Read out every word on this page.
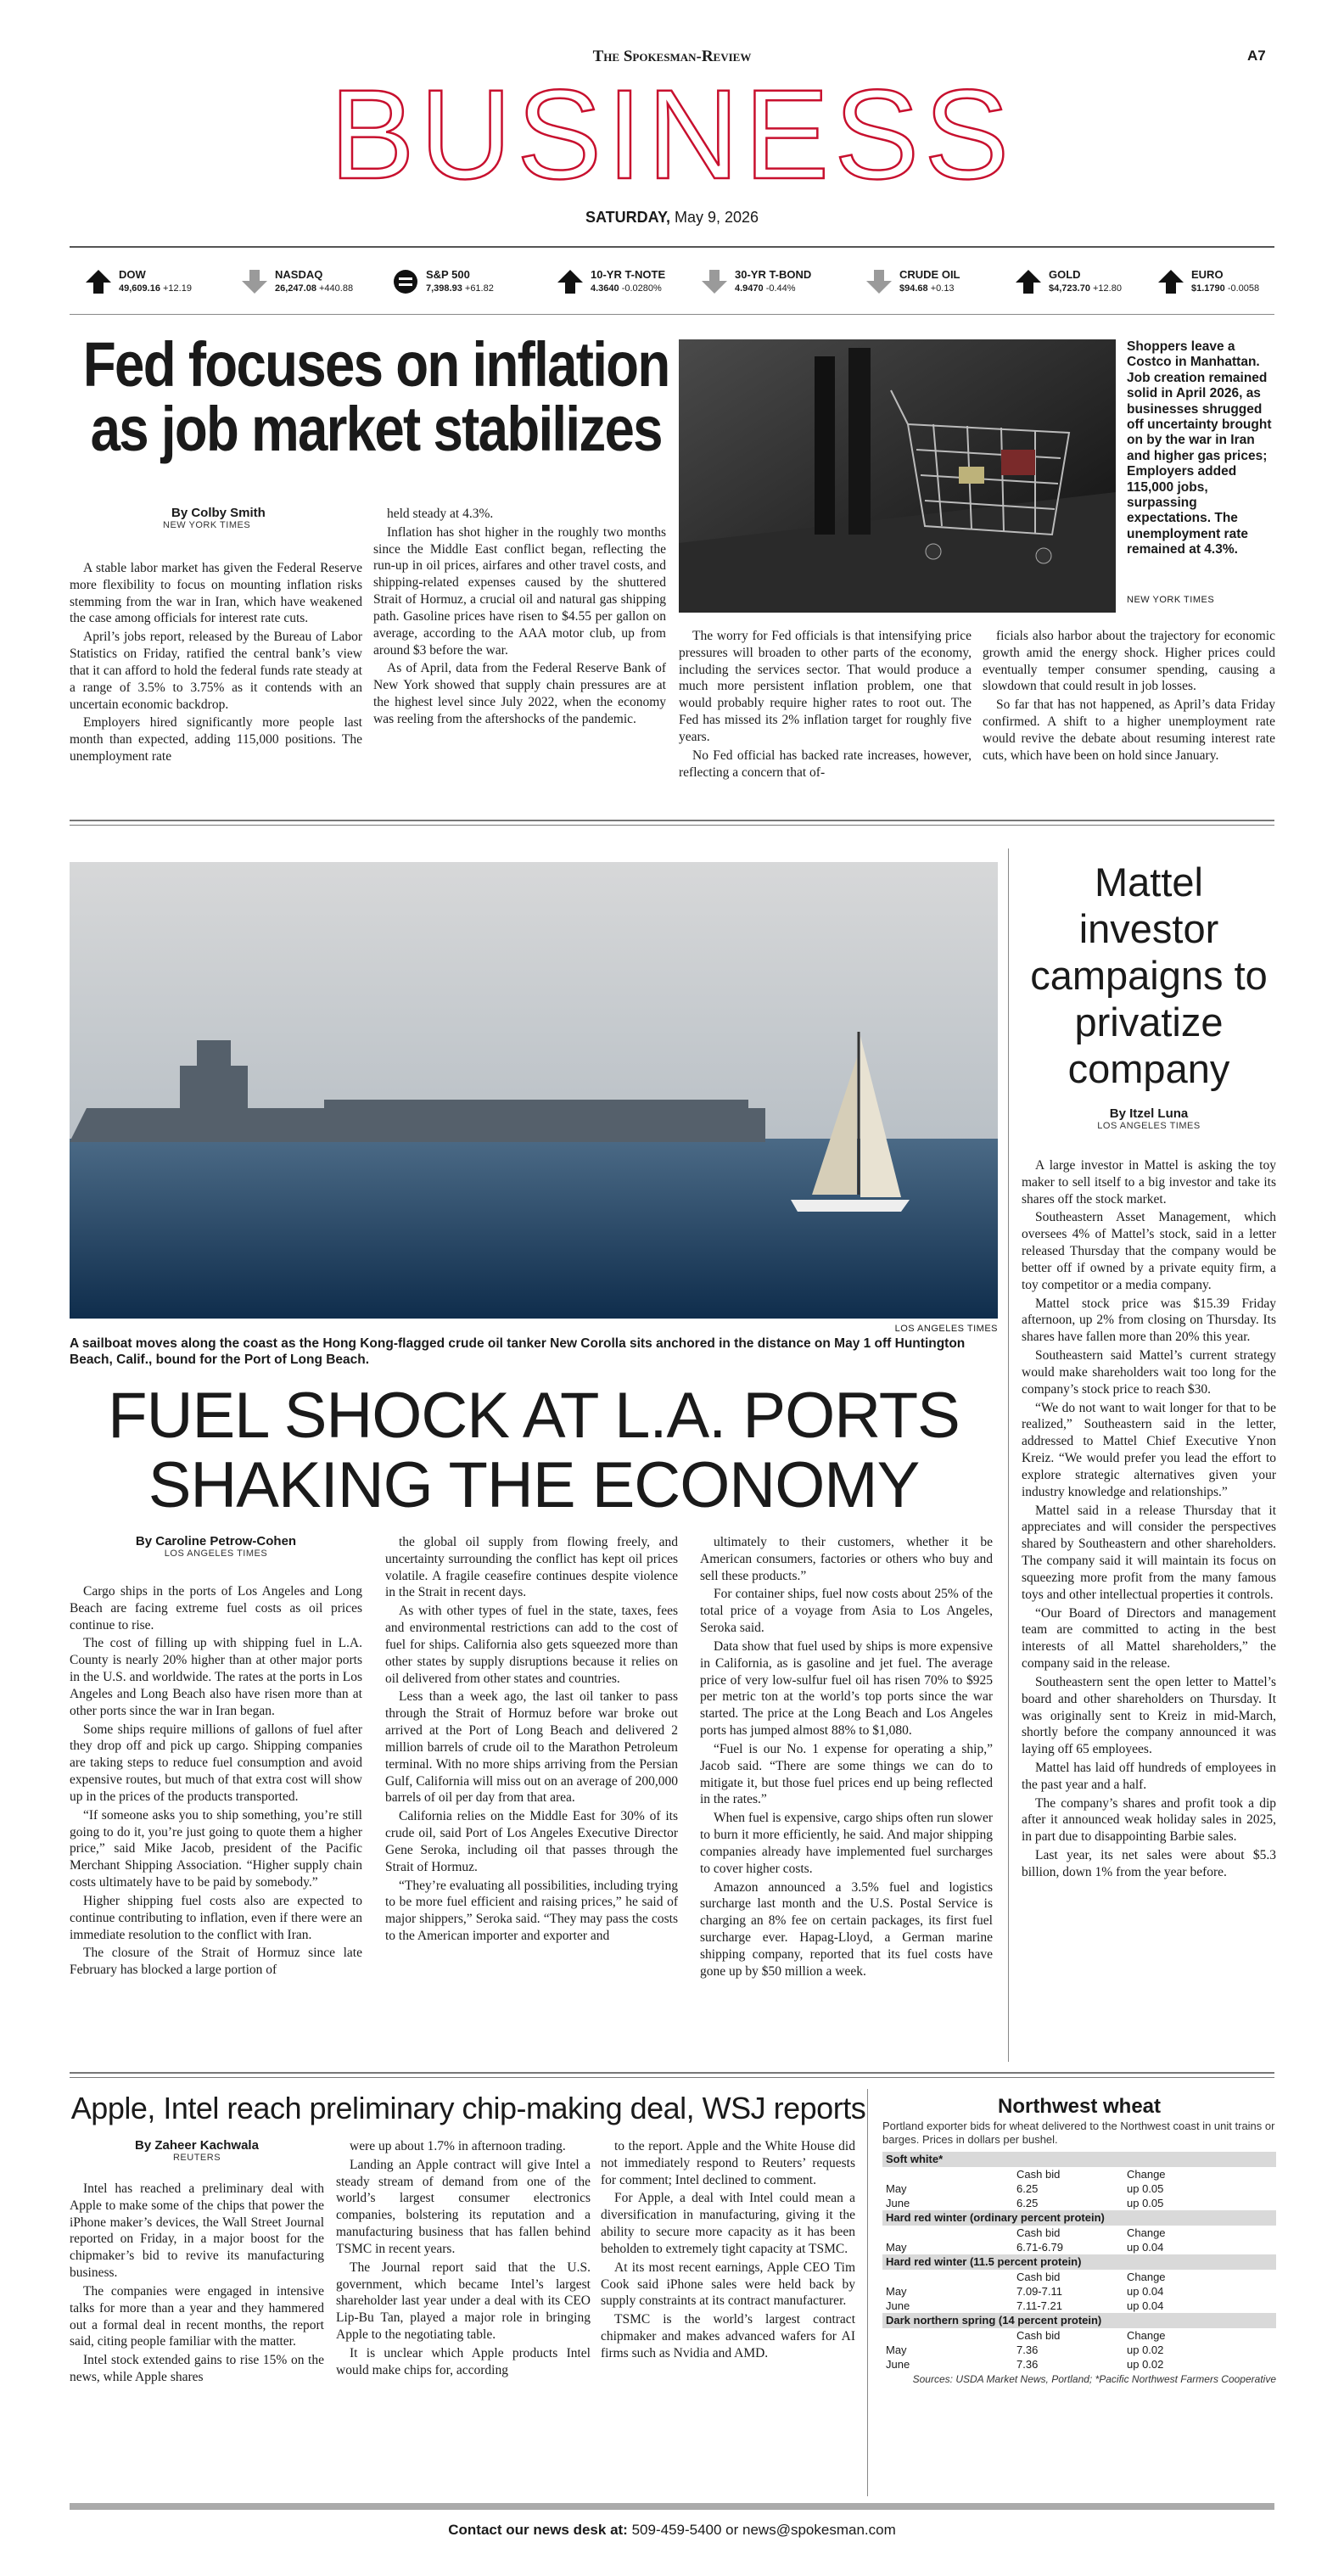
The Spokesman-Review	A7
BUSINESS
SATURDAY, May 9, 2026
DOW
49,609.16 +12.19
NASDAQ
26,247.08 +440.88
S&P 500
7,398.93 +61.82
10-YR T-NOTE
4.3640 -0.0280%
30-YR T-BOND
4.9470 -0.44%
CRUDE OIL
$94.68 +0.13
GOLD
$4,723.70 +12.80
EURO
$1.1790 -0.0058
Fed focuses on inflation as job market stabilizes
By Colby Smith
NEW YORK TIMES

A stable labor market has given the Federal Reserve more flexibility to focus on mounting inflation risks stemming from the war in Iran, which have weakened the case among officials for interest rate cuts.

April’s jobs report, released by the Bureau of Labor Statistics on Friday, ratified the central bank’s view that it can afford to hold the federal funds rate steady at a range of 3.5% to 3.75% as it contends with an uncertain economic backdrop.

Employers hired significantly more people last month than expected, adding 115,000 positions. The unemployment rate

held steady at 4.3%.

Inflation has shot higher in the roughly two months since the Middle East conflict began, reflecting the run-up in oil prices, airfares and other travel costs, and shipping-related expenses caused by the shuttered Strait of Hormuz, a crucial oil and natural gas shipping path. Gasoline prices have risen to $4.55 per gallon on average, according to the AAA motor club, up from around $3 before the war.

As of April, data from the Federal Reserve Bank of New York showed that supply chain pressures are at the highest level since July 2022, when the economy was reeling from the aftershocks of the pandemic.

Shoppers leave a Costco in Manhattan. Job creation remained solid in April 2026, as businesses shrugged off uncertainty brought on by the war in Iran and higher gas prices; Employers added 115,000 jobs, surpassing expectations. The unemployment rate remained at 4.3%.
NEW YORK TIMES

The worry for Fed officials is that intensifying price pressures will broaden to other parts of the economy, including the services sector. That would produce a much more persistent inflation problem, one that would probably require higher rates to root out. The Fed has missed its 2% inflation target for roughly five years.

No Fed official has backed rate increases, however, reflecting a concern that of-

ficials also harbor about the trajectory for economic growth amid the energy shock. Higher prices could eventually temper consumer spending, causing a slowdown that could result in job losses.

So far that has not happened, as April’s data Friday confirmed. A shift to a higher unemployment rate would revive the debate about resuming interest rate cuts, which have been on hold since January.

LOS ANGELES TIMES
A sailboat moves along the coast as the Hong Kong-flagged crude oil tanker New Corolla sits anchored in the distance on May 1 off Huntington Beach, Calif., bound for the Port of Long Beach.
FUEL SHOCK AT L.A. PORTS SHAKING THE ECONOMY
By Caroline Petrow-Cohen
LOS ANGELES TIMES

Cargo ships in the ports of Los Angeles and Long Beach are facing extreme fuel costs as oil prices continue to rise.

The cost of filling up with shipping fuel in L.A. County is nearly 20% higher than at other major ports in the U.S. and worldwide. The rates at the ports in Los Angeles and Long Beach also have risen more than at other ports since the war in Iran began.

Some ships require millions of gallons of fuel after they drop off and pick up cargo. Shipping companies are taking steps to reduce fuel consumption and avoid expensive routes, but much of that extra cost will show up in the prices of the products transported.

“If someone asks you to ship something, you’re still going to do it, you’re just going to quote them a higher price,” said Mike Jacob, president of the Pacific Merchant Shipping Association. “Higher supply chain costs ultimately have to be paid by somebody.”

Higher shipping fuel costs also are expected to continue contributing to inflation, even if there were an immediate resolution to the conflict with Iran.

The closure of the Strait of Hormuz since late February has blocked a large portion of

the global oil supply from flowing freely, and uncertainty surrounding the conflict has kept oil prices volatile. A fragile ceasefire continues despite violence in the Strait in recent days.

As with other types of fuel in the state, taxes, fees and environmental restrictions can add to the cost of fuel for ships. California also gets squeezed more than other states by supply disruptions because it relies on oil delivered from other states and countries.

Less than a week ago, the last oil tanker to pass through the Strait of Hormuz before war broke out arrived at the Port of Long Beach and delivered 2 million barrels of crude oil to the Marathon Petroleum terminal. With no more ships arriving from the Persian Gulf, California will miss out on an average of 200,000 barrels of oil per day from that area.

California relies on the Middle East for 30% of its crude oil, said Port of Los Angeles Executive Director Gene Seroka, including oil that passes through the Strait of Hormuz.

“They’re evaluating all possibilities, including trying to be more fuel efficient and raising prices,” he said of major shippers,” Seroka said. “They may pass the costs to the American importer and exporter and

ultimately to their customers, whether it be American consumers, factories or others who buy and sell these products.”

For container ships, fuel now costs about 25% of the total price of a voyage from Asia to Los Angeles, Seroka said.

Data show that fuel used by ships is more expensive in California, as is gasoline and jet fuel. The average price of very low-sulfur fuel oil has risen 70% to $925 per metric ton at the world’s top ports since the war started. The price at the Long Beach and Los Angeles ports has jumped almost 88% to $1,080.

“Fuel is our No. 1 expense for operating a ship,” Jacob said. “There are some things we can do to mitigate it, but those fuel prices end up being reflected in the rates.”

When fuel is expensive, cargo ships often run slower to burn it more efficiently, he said. And major shipping companies already have implemented fuel surcharges to cover higher costs.

Amazon announced a 3.5% fuel and logistics surcharge last month and the U.S. Postal Service is charging an 8% fee on certain packages, its first fuel surcharge ever. Hapag-Lloyd, a German marine shipping company, reported that its fuel costs have gone up by $50 million a week.

Mattel investor campaigns to privatize company
By Itzel Luna
LOS ANGELES TIMES

A large investor in Mattel is asking the toy maker to sell itself to a big investor and take its shares off the stock market.

Southeastern Asset Management, which oversees 4% of Mattel’s stock, said in a letter released Thursday that the company would be better off if owned by a private equity firm, a toy competitor or a media company.

Mattel stock price was $15.39 Friday afternoon, up 2% from closing on Thursday. Its shares have fallen more than 20% this year.

Southeastern said Mattel’s current strategy would make shareholders wait too long for the company’s stock price to reach $30.

“We do not want to wait longer for that to be realized,” Southeastern said in the letter, addressed to Mattel Chief Executive Ynon Kreiz. “We would prefer you lead the effort to explore strategic alternatives given your industry knowledge and relationships.”

Mattel said in a release Thursday that it appreciates and will consider the perspectives shared by Southeastern and other shareholders. The company said it will maintain its focus on squeezing more profit from the many famous toys and other intellectual properties it controls.

“Our Board of Directors and management team are committed to acting in the best interests of all Mattel shareholders,” the company said in the release.

Southeastern sent the open letter to Mattel’s board and other shareholders on Thursday. It was originally sent to Kreiz in mid-March, shortly before the company announced it was laying off 65 employees.

Mattel has laid off hundreds of employees in the past year and a half.

The company’s shares and profit took a dip after it announced weak holiday sales in 2025, in part due to disappointing Barbie sales.

Last year, its net sales were about $5.3 billion, down 1% from the year before.

Apple, Intel reach preliminary chip-making deal, WSJ reports
By Zaheer Kachwala
REUTERS

Intel has reached a preliminary deal with Apple to make some of the chips that power the iPhone maker’s devices, the Wall Street Journal reported on Friday, in a major boost for the chipmaker’s bid to revive its manufacturing business.

The companies were engaged in intensive talks for more than a year and they hammered out a formal deal in recent months, the report said, citing people familiar with the matter.

Intel stock extended gains to rise 15% on the news, while Apple shares

were up about 1.7% in afternoon trading.

Landing an Apple contract will give Intel a steady stream of demand from one of the world’s largest consumer electronics companies, bolstering its reputation and a manufacturing business that has fallen behind TSMC in recent years.

The Journal report said that the U.S. government, which became Intel’s largest shareholder last year under a deal with its CEO Lip-Bu Tan, played a major role in bringing Apple to the negotiating table.

It is unclear which Apple products Intel would make chips for, according

to the report. Apple and the White House did not immediately respond to Reuters’ requests for comment; Intel declined to comment.

For Apple, a deal with Intel could mean a diversification in manufacturing, giving it the ability to secure more capacity as it has been beholden to extremely tight capacity at TSMC.

At its most recent earnings, Apple CEO Tim Cook said iPhone sales were held back by supply constraints at its contract manufacturer.

TSMC is the world’s largest contract chipmaker and makes advanced wafers for AI firms such as Nvidia and AMD.

Northwest wheat
Portland exporter bids for wheat delivered to the Northwest coast in unit trains or barges. Prices in dollars per bushel.
Soft white*
Cash bid	Change
May	6.25	up 0.05
June	6.25	up 0.05
Hard red winter (ordinary percent protein)
Cash bid	Change
May	6.71-6.79	up 0.04
Hard red winter (11.5 percent protein)
Cash bid	Change
May	7.09-7.11	up 0.04
June	7.11-7.21	up 0.04
Dark northern spring (14 percent protein)
Cash bid	Change
May	7.36	up 0.02
June	7.36	up 0.02
Sources: USDA Market News, Portland; *Pacific Northwest Farmers Cooperative
Contact our news desk at: 509-459-5400 or news@spokesman.com
